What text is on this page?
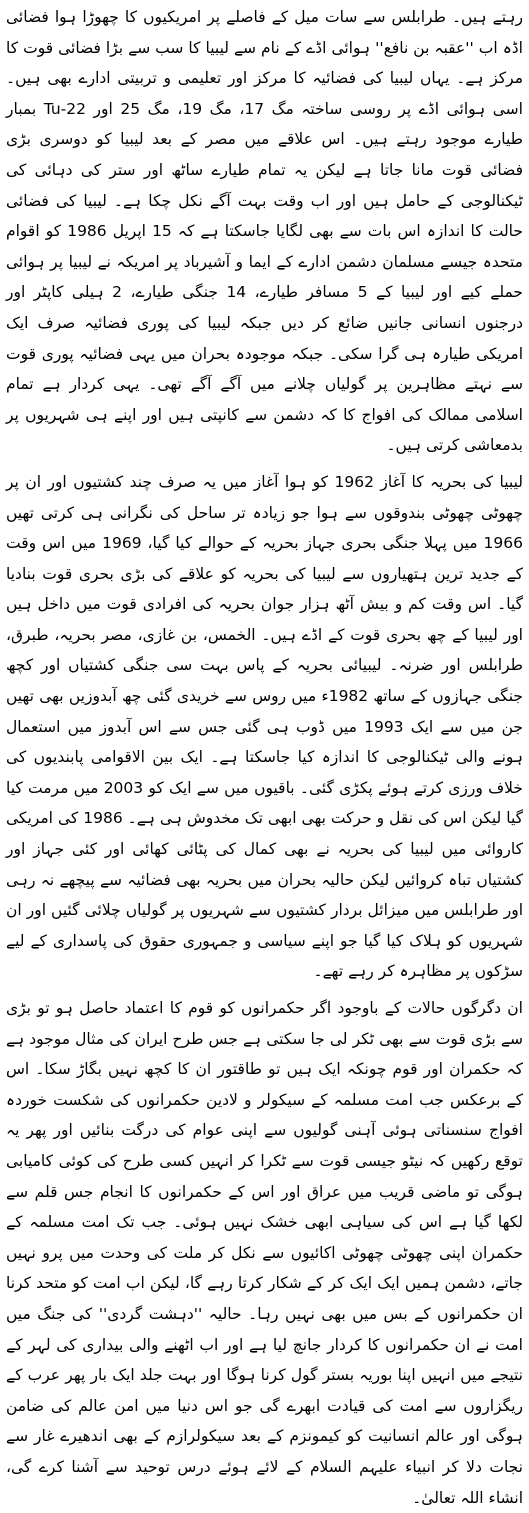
رہتے ہیں۔ طرابلس سے سات میل کے فاصلے پر امریکیوں کا چھوڑا ہوا فضائی اڈہ اب ''عقبہ بن نافع'' ہوائی اڈے کے نام سے لیبیا کا سب سے بڑا فضائی قوت کا مرکز ہے۔ یہاں لیبیا کی فضائیہ کا مرکز اور تعلیمی و تربیتی ادارے بھی ہیں۔ اسی ہوائی اڈے پر روسی ساختہ مگ 17، مگ 19، مگ 25 اور Tu-22 بمبار طیارے موجود رہتے ہیں۔ اس علاقے میں مصر کے بعد لیبیا کو دوسری بڑی فضائی قوت مانا جاتا ہے لیکن یہ تمام طیارے ساٹھ اور ستر کی دہائی کی ٹیکنالوجی کے حامل ہیں اور اب وقت بہت آگے نکل چکا ہے۔ لیبیا کی فضائی حالت کا اندازہ اس بات سے بھی لگایا جاسکتا ہے کہ 15 اپریل 1986 کو اقوام متحدہ جیسے مسلمان دشمن ادارے کے ایما و آشیرباد پر امریکہ نے لیبیا پر ہوائی حملے کیے اور لیبیا کے 5 مسافر طیارے، 14 جنگی طیارے، 2 ہیلی کاپٹر اور درجنوں انسانی جانیں ضائع کر دیں جبکہ لیبیا کی پوری فضائیہ صرف ایک امریکی طیارہ ہی گرا سکی۔ جبکہ موجودہ بحران میں یہی فضائیہ پوری قوت سے نہتے مظاہرین پر گولیاں چلانے میں آگے آگے تھی۔ یہی کردار ہے تمام اسلامی ممالک کی افواج کا کہ دشمن سے کانپتی ہیں اور اپنے ہی شہریوں پر بدمعاشی کرتی ہیں۔

لیبیا کی بحریہ کا آغاز 1962 کو ہوا آغاز میں یہ صرف چند کشتیوں اور ان پر چھوٹی چھوٹی بندوقوں سے ہوا جو زیادہ تر ساحل کی نگرانی ہی کرتی تھیں 1966 میں پہلا جنگی بحری جہاز بحریہ کے حوالے کیا گیا، 1969 میں اس وقت کے جدید ترین ہتھیاروں سے لیبیا کی بحریہ کو علاقے کی بڑی بحری قوت بنادیا گیا۔ اس وقت کم و بیش آٹھ ہزار جوان بحریہ کی افرادی قوت میں داخل ہیں اور لیبیا کے چھ بحری قوت کے اڈے ہیں۔ الخمس، بن غازی، مصر بحریہ، طبرق، طرابلس اور ضرنہ۔ لیبیائی بحریہ کے پاس بہت سی جنگی کشتیاں اور کچھ جنگی جہازوں کے ساتھ 1982ء میں روس سے خریدی گئی چھ آبدوزیں بھی تھیں جن میں سے ایک 1993 میں ڈوب ہی گئی جس سے اس آبدوز میں استعمال ہونے والی ٹیکنالوجی کا اندازہ کیا جاسکتا ہے۔ ایک بین الاقوامی پابندیوں کی خلاف ورزی کرتے ہوئے پکڑی گئی۔ باقیوں میں سے ایک کو 2003 میں مرمت کیا گیا لیکن اس کی نقل و حرکت بھی ابھی تک مخدوش ہی ہے۔ 1986 کی امریکی کاروائی میں لیبیا کی بحریہ نے بھی کمال کی پٹائی کھائی اور کئی جہاز اور کشتیاں تباہ کروائیں لیکن حالیہ بحران میں بحریہ بھی فضائیہ سے پیچھے نہ رہی اور طرابلس میں میزائل بردار کشتیوں سے شہریوں پر گولیاں چلائی گئیں اور ان شہریوں کو ہلاک کیا گیا جو اپنے سیاسی و جمہوری حقوق کی پاسداری کے لیے سڑکوں پر مظاہرہ کر رہے تھے۔

ان دگرگوں حالات کے باوجود اگر حکمرانوں کو قوم کا اعتماد حاصل ہو تو بڑی سے بڑی قوت سے بھی ٹکر لی جا سکتی ہے جس طرح ایران کی مثال موجود ہے کہ حکمران اور قوم چونکہ ایک ہیں تو طاقتور ان کا کچھ نہیں بگاڑ سکا۔ اس کے برعکس جب امت مسلمہ کے سیکولر و لادین حکمرانوں کی شکست خوردہ افواج سنسناتی ہوئی آہنی گولیوں سے اپنی عوام کی درگت بنائیں اور پھر یہ توقع رکھیں کہ نیٹو جیسی قوت سے ٹکرا کر انہیں کسی طرح کی کوئی کامیابی ہوگی تو ماضی قریب میں عراق اور اس کے حکمرانوں کا انجام جس قلم سے لکھا گیا ہے اس کی سیاہی ابھی خشک نہیں ہوئی۔ جب تک امت مسلمہ کے حکمران اپنی چھوٹی چھوٹی اکائیوں سے نکل کر ملت کی وحدت میں پرو نہیں جاتے، دشمن ہمیں ایک ایک کر کے شکار کرتا رہے گا، لیکن اب امت کو متحد کرنا ان حکمرانوں کے بس میں بھی نہیں رہا۔ حالیہ ''دہشت گردی'' کی جنگ میں امت نے ان حکمرانوں کا کردار جانچ لیا ہے اور اب اٹھنے والی بیداری کی لہر کے نتیجے میں انہیں اپنا بوریہ بستر گول کرنا ہوگا اور بہت جلد ایک بار پھر عرب کے ریگزاروں سے امت کی قیادت ابھرے گی جو اس دنیا میں امن عالم کی ضامن ہوگی اور عالم انسانیت کو کیمونزم کے بعد سیکولرازم کے بھی اندھیرے غار سے نجات دلا کر انبیاء علیہم السلام کے لائے ہوئے درس توحید سے آشنا کرے گی، انشاء اللہ تعالیٰ۔
